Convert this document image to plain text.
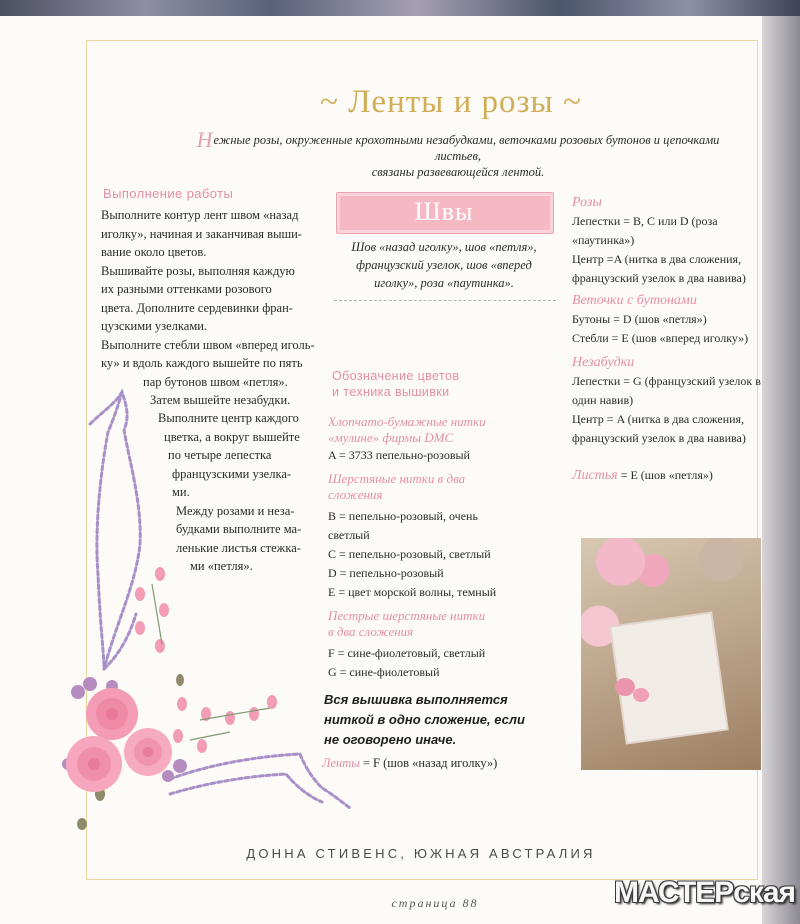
~ Ленты и розы ~
Нежные розы, окруженные крохотными незабудками, веточками розовых бутонов и цепочками листьев,
связаны развевающейся лентой.
Выполнение работы
Выполните контур лент швом «назад
иголку», начиная и заканчивая выши-
вание около цветов.
Вышивайте розы, выполняя каждую
их разными оттенками розового
цвета. Дополните сердевинки фран-
цузскими узелками.
Выполните стебли швом «вперед иголь-
ку» и вдоль каждого вышейте по пять
пар бутонов швом «петля».
Затем вышейте незабудки.
Выполните центр каждого
цветка, а вокруг вышейте
по четыре лепестка
французскими узелка-
ми.
Между розами и неза-
будками выполните ма-
ленькие листья стежка-
ми «петля».
Швы
Шов «назад иголку», шов «петля»,
французский узелок, шов «вперед
иголку», роза «паутинка».
Обозначение цветов
и техника вышивки
Хлопчато-бумажные нитки
«мулине» фирмы DMC
A = 3733 пепельно-розовый
Шерстяные нитки в два
сложения
B = пепельно-розовый, очень
светлый
C = пепельно-розовый, светлый
D = пепельно-розовый
E = цвет морской волны, темный
Пестрые шерстяные нитки
в два сложения
F = сине-фиолетовый, светлый
G = сине-фиолетовый
Вся вышивка выполняется
ниткой в одно сложение, если
не оговорено иначе.
Ленты = F (шов «назад иголку»)
Розы
Лепестки = B, C или D (роза
«паутинка»)
Центр =A (нитка в два сложения,
французский узелок в два навива)
Веточки с бутонами
Бутоны = D (шов «петля»)
Стебли = E (шов «вперед иголку»)
Незабудки
Лепестки = G (французский узелок в
один навив)
Центр = A (нитка в два сложения,
французский узелок в два навива)
Листья = E (шов «петля»)
ДОННА СТИВЕНС, ЮЖНАЯ АВСТРАЛИЯ
страница 88	МАСТЕРская
